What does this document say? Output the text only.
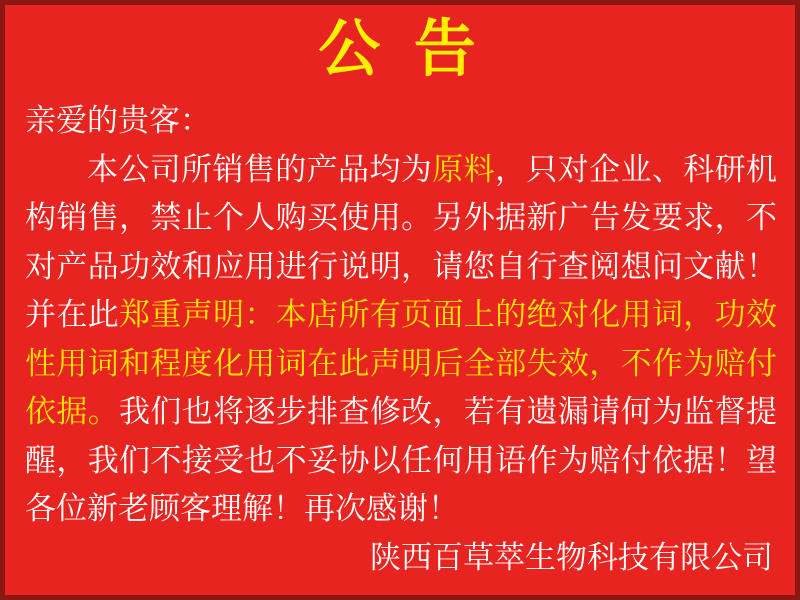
公 告

亲爱的贵客：

本公司所销售的产品均为原料，只对企业、科研机构销售，禁止个人购买使用。另外据新广告发要求，不对产品功效和应用进行说明，请您自行查阅想问文献！并在此郑重声明：本店所有页面上的绝对化用词，功效性用词和程度化用词在此声明后全部失效，不作为赔付依据。我们也将逐步排查修改，若有遗漏请何为监督提醒，我们不接受也不妥协以任何用语作为赔付依据！望各位新老顾客理解！再次感谢！

陕西百草萃生物科技有限公司
